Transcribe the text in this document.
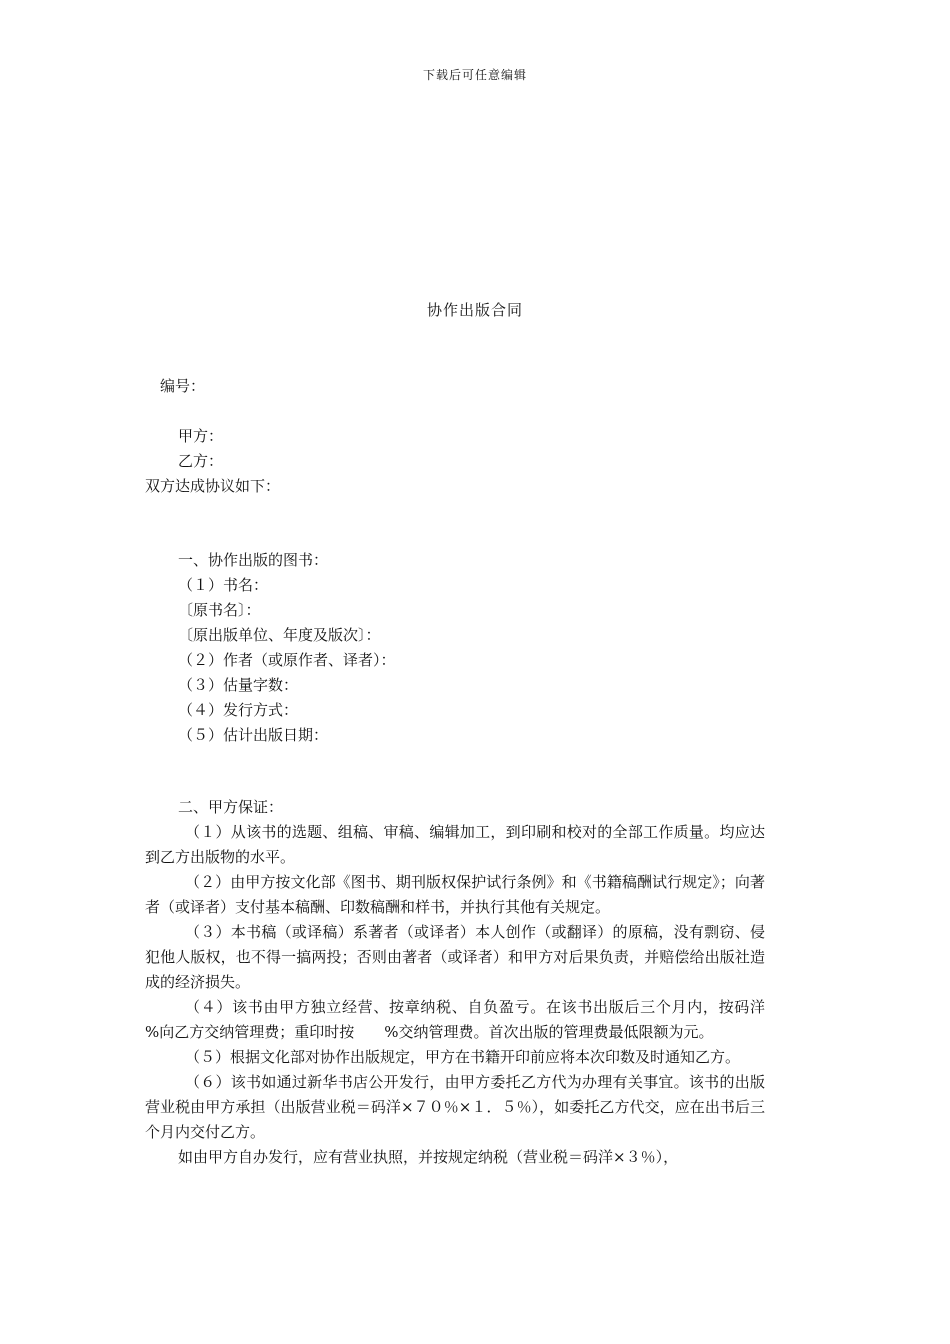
下载后可任意编辑
协作出版合同
编号：
甲方：
乙方：
双方达成协议如下：

一、协作出版的图书：

（１）书名：

〔原书名〕：

〔原出版单位、年度及版次〕：

（２）作者（或原作者、译者）：

（３）估量字数：

（４）发行方式：

（５）估计出版日期：

二、甲方保证：

（１）从该书的选题、组稿、审稿、编辑加工，到印刷和校对的全部工作质量。均应达到乙方出版物的水平。

（２）由甲方按文化部《图书、期刊版权保护试行条例》和《书籍稿酬试行规定》；向著者（或译者）支付基本稿酬、印数稿酬和样书，并执行其他有关规定。

（３）本书稿（或译稿）系著者（或译者）本人创作（或翻译）的原稿，没有剽窃、侵犯他人版权，也不得一搞两投；否则由著者（或译者）和甲方对后果负责，并赔偿给出版社造成的经济损失。

（４）该书由甲方独立经营、按章纳税、自负盈亏。在该书出版后三个月内，按码洋　　%向乙方交纳管理费；重印时按　　%交纳管理费。首次出版的管理费最低限额为元。

（５）根据文化部对协作出版规定，甲方在书籍开印前应将本次印数及时通知乙方。

（６）该书如通过新华书店公开发行，由甲方委托乙方代为办理有关事宜。该书的出版营业税由甲方承担（出版营业税＝码洋×７０％×１．５％），如委托乙方代交，应在出书后三个月内交付乙方。

如由甲方自办发行，应有营业执照，并按规定纳税（营业税＝码洋×３％），
